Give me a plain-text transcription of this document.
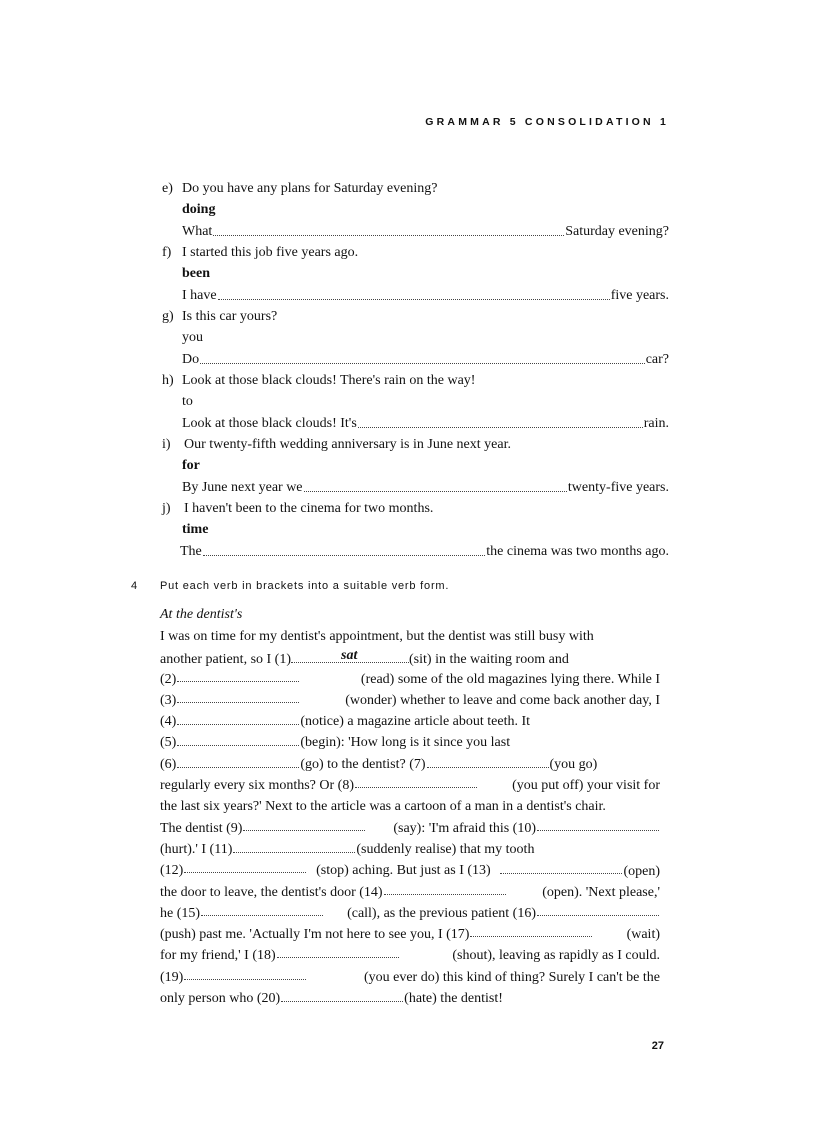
GRAMMAR 5 CONSOLIDATION 1
e) Do you have any plans for Saturday evening?
doing
What	Saturday evening?
f) I started this job five years ago.
been
I have	five years.
g) Is this car yours?
you
Do	car?
h) Look at those black clouds! There's rain on the way!
to
Look at those black clouds! It's	rain.
i) Our twenty-fifth wedding anniversary is in June next year.
for
By June next year we	twenty-five years.
j) I haven't been to the cinema for two months.
time
The	the cinema was two months ago.
4 Put each verb in brackets into a suitable verb form.
At the dentist's
I was on time for my dentist's appointment, but the dentist was still busy with
another patient, so I (1)	sat	(sit) in the waiting room and
(2)	(read) some of the old magazines lying there. While I
(3)	(wonder) whether to leave and come back another day, I
(4)	(notice) a magazine article about teeth. It
(5)	(begin): 'How long is it since you last
(6)	(go) to the dentist? (7)	(you go)
regularly every six months? Or (8)	(you put off) your visit for
the last six years?' Next to the article was a cartoon of a man in a dentist's chair.
The dentist (9)	(say): 'I'm afraid this (10)
(hurt).' I (11)	(suddenly realise) that my tooth
(12)	(stop) aching. But just as I (13)	(open)
the door to leave, the dentist's door (14)	(open). 'Next please,'
he (15)	(call), as the previous patient (16)
(push) past me. 'Actually I'm not here to see you, I (17)	(wait)
for my friend,' I (18)	(shout), leaving as rapidly as I could.
(19)	(you ever do) this kind of thing? Surely I can't be the
only person who (20)	(hate) the dentist!
27
